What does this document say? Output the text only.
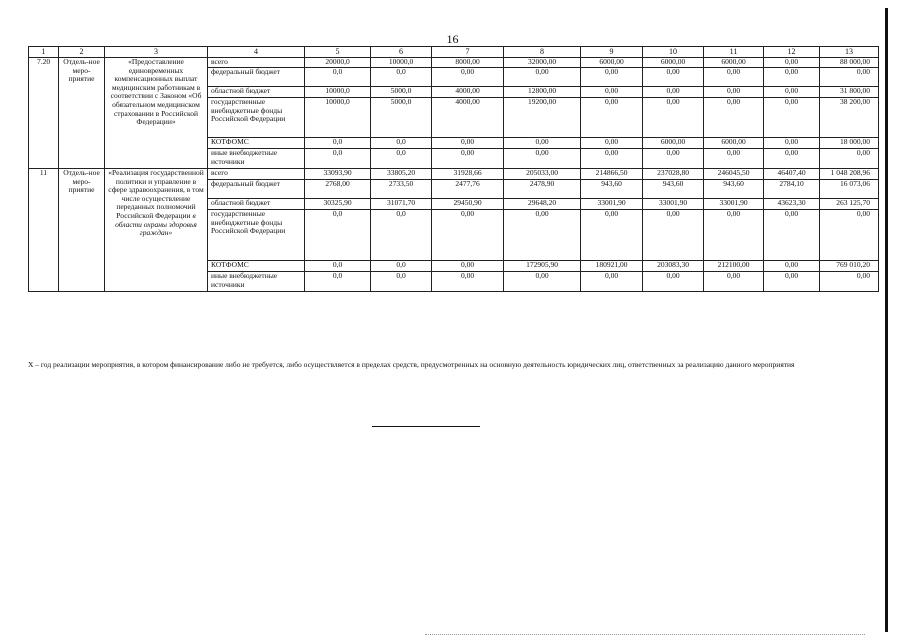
16
1	2	3	4	5	6	7	8	9	10	11	12	13
7.20	Отдель-ное меро-приятие	«Предоставление единовременных компенсационных выплат медицинским работникам в соответствии с Законом «Об обязательном медицинском страховании в Российской Федерации»	всего	20000,0	10000,0	8000,00	32000,00	6000,00	6000,00	6000,00	0,00	88 000,00
			федеральный бюджет	0,0	0,0	0,00	0,00	0,00	0,00	0,00	0,00	0,00
			областной бюджет	10000,0	5000,0	4000,00	12800,00	0,00	0,00	0,00	0,00	31 800,00
			государственные внебюджетные фонды Российской Федерации	10000,0	5000,0	4000,00	19200,00	0,00	0,00	0,00	0,00	38 200,00
			КОТФОМС	0,0	0,0	0,00	0,00	0,00	6000,00	6000,00	0,00	18 000,00
			иные внебюджетные источники	0,0	0,0	0,00	0,00	0,00	0,00	0,00	0,00	0,00
11	Отдель-ное меро-приятие	«Реализация государственной политики и управление в сфере здравоохранения, в том числе осуществление переданных полномочий Российской Федерации в области охраны здоровья граждан»	всего	33093,90	33805,20	31928,66	205033,00	214866,50	237028,80	246045,50	46407,40	1 048 208,96
			федеральный бюджет	2768,00	2733,50	2477,76	2478,90	943,60	943,60	943,60	2784,10	16 073,06
			областной бюджет	30325,90	31071,70	29450,90	29648,20	33001,90	33001,90	33001,90	43623,30	263 125,70
			государственные внебюджетные фонды Российской Федерации	0,0	0,0	0,00	0,00	0,00	0,00	0,00	0,00	0,00
			КОТФОМС	0,0	0,0	0,00	172905,90	180921,00	203083,30	212100,00	0,00	769 010,20
			иные внебюджетные источники	0,0	0,0	0,00	0,00	0,00	0,00	0,00	0,00	0,00
Х – год реализации мероприятия, в котором финансирование либо не требуется, либо осуществляется в пределах средств, предусмотренных на основную деятельность юридических лиц, ответственных за реализацию данного мероприятия
